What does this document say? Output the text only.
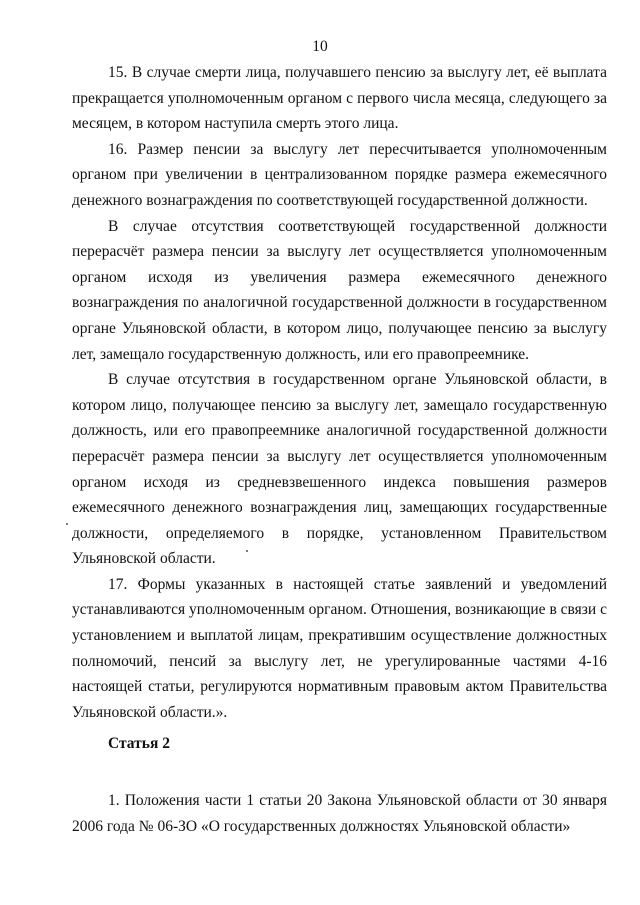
10

15. В случае смерти лица, получавшего пенсию за выслугу лет, её выплата прекращается уполномоченным органом с первого числа месяца, следующего за месяцем, в котором наступила смерть этого лица.

16. Размер пенсии за выслугу лет пересчитывается уполномоченным органом при увеличении в централизованном порядке размера ежемесячного денежного вознаграждения по соответствующей государственной должности.

В случае отсутствия соответствующей государственной должности перерасчёт размера пенсии за выслугу лет осуществляется уполномоченным органом исходя из увеличения размера ежемесячного денежного вознаграждения по аналогичной государственной должности в государственном органе Ульяновской области, в котором лицо, получающее пенсию за выслугу лет, замещало государственную должность, или его правопреемнике.

В случае отсутствия в государственном органе Ульяновской области, в котором лицо, получающее пенсию за выслугу лет, замещало государственную должность, или его правопреемнике аналогичной государственной должности перерасчёт размера пенсии за выслугу лет осуществляется уполномоченным органом исходя из средневзвешенного индекса повышения размеров ежемесячного денежного вознаграждения лиц, замещающих государственные должности, определяемого в порядке, установленном Правительством Ульяновской области.

17. Формы указанных в настоящей статье заявлений и уведомлений устанавливаются уполномоченным органом. Отношения, возникающие в связи с установлением и выплатой лицам, прекратившим осуществление должностных полномочий, пенсий за выслугу лет, не урегулированные частями 4-16 настоящей статьи, регулируются нормативным правовым актом Правительства Ульяновской области.».

Статья 2

1. Положения части 1 статьи 20 Закона Ульяновской области от 30 января 2006 года № 06-ЗО «О государственных должностях Ульяновской области»
